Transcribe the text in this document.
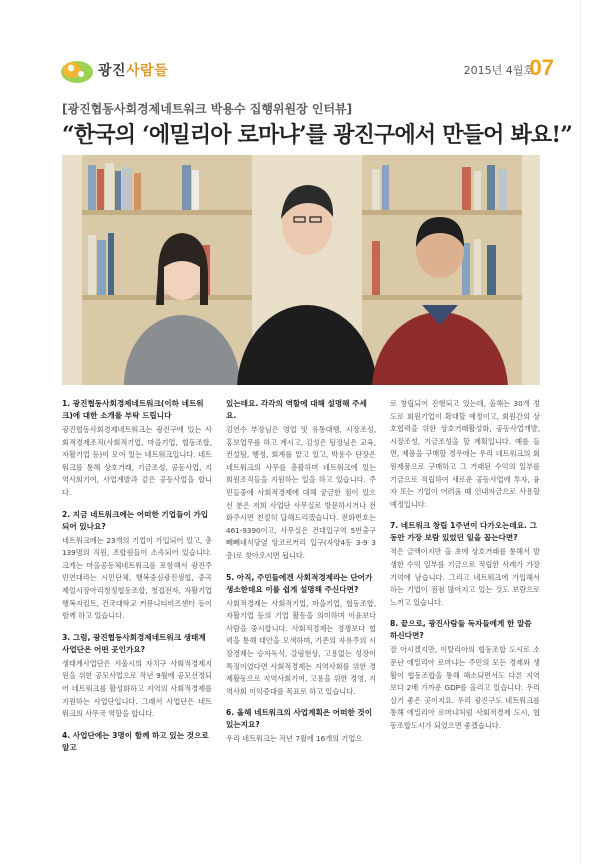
광진사람들	2015년 4월호
07
[광진협동사회경제네트워크 박용수 집행위원장 인터뷰]
“한국의 ‘에밀리아 로마냐’를 광진구에서 만들어 봐요!”
1. 광진협동사회경제네트워크(이하 네트워크)에 대한 소개를 부탁 드립니다

광진협동사회경제네트워크는 광진구에 있는 사회적경제조직(사회적기업, 마을기업, 협동조합, 자활기업 등)이 모여 있는 네트워크입니다. 네트워크를 통해 상호거래, 기금조성, 공동사업, 지역사회기여, 사업계발과 같은 공동사업을 합니다.

2. 지금 네트워크에는 어떠한 기업들이 가입되어 있나요?

네트워크에는 23개의 기업이 가입되어 있고, 총 139명의 직원, 조합원들이 소속되어 있습니다. 크게는 마을공동체네트워크를 포함해서 광진주민연대라는 시민단체, 행복중심광진생협, 중곡제일시장아리청정협동조합, 청접전자, 자활기업 행복지킴트, 건국대학교 커뮤니티비즈센터 등이 함께 하고 있습니다.

3. 그럼, 광진협동사회경제네트워크 생태계사업단은 어떤 곳인가요?

생태계사업단은 서울시의 자치구 사회적경제지원을 위한 공모사업으로 작년 9월에 공모선정되어 네트워크를 활성화하고 지역의 사회적경제를 지원하는 사업단입니다. 그래서 사업단은 네트워크의 사무국 역할을 합니다.

4. 사업단에는 3명이 함께 하고 있는 것으로 알고
있는데요. 각각의 역할에 대해 설명해 주세요.

김연수 부장님은 영업 및 유통대행, 시장조성, 홍보업무를 하고 계시고, 김성은 팀장님은 교육, 컨설팅, 행정, 회계를 맡고 있고, 박용수 단장은 네트워크의 사무를 총괄하며 네트워크에 있는 회원조직들을 지원하는 일을 하고 있습니다. 주민들중에 사회적경제에 대해 궁금한 점이 있으신 분은 저희 사업단 사무실로 방문하시거나 전화주시면 친절히 답해드리겠습니다. 전화번호는 461-9390이고, 사무실은 건대입구역 5번출구 뻬뻬네식당옆 앙코르커리 입구(자양4동 3-9 3층)로 찾아오시면 됩니다.

5. 아직, 주민들에겐 사회적경제라는 단어가 생소한데요 이를 쉽게 설명해 주신다면?

사회적경제는 사회적기업, 마을기업, 협동조합, 자활기업 등의 기업 활동을 의미하며 이윤보다 사람을 중시합니다. 사회적경제는 경쟁보다 협력을 통해 대안을 모색하며, 기존의 자유주의 시장경제는 승자독식, 갈림현상, 고용없는 성장이 특징이었다면 사회적경제는 지역사회를 위한 경제활동으로 지역사회기여, 고용을 위한 경영, 지역사회 이익증대를 목표로 하고 있습니다.

6. 올해 네트워크의 사업계획은 어떠한 것이 있는지요?

우리 네트워크는 작년 7월에 16개의 기업으

로 창립되어 진행되고 있는데, 올해는 30개 정도로 회원기업이 확대할 예정이고, 회원간의 상호협력을 위한 상호거래활성화, 공동사업개발, 시장조성, 기금조성을 할 계획입니다. 예를 들면, 제품을 구매할 경우에는 우리 네트워크의 회원제품으로 구매하고 그 거래된 수익의 일부를 기금으로 적립하여 새로운 공동사업에 투자, 융자 또는 기업이 어려움 때 인내자금으로 사용할 예정입니다.

7. 네트워크 창립 1주년이 다가오는데요. 그동안 가장 보람 있었던 일을 꼽는다면?

적은 금액이지만 올 초에 상호거래를 통해서 발생한 수익 일부를 기금으로 적립한 사례가 가장 기억에 남습니다. 그리고 네트워크에 가입해서 하는 기업이 점점 많아지고 있는 것도 보람으로 느끼고 있습니다.

8. 끝으로, 광진사람들 독자들에게 한 말씀 하신다면?

잘 아시겠지만, 이탈리아의 협동조합 도시로 소문난 에밀리아 로마냐는 주민의 모든 경제와 생활이 협동조합을 통해 해소되면서도 다른 지역보다 2배 가까운 GDP를 올리고 있습니다. 우리 살기 좋은 곳이지요. 우리 광진구도 네트워크를 통해 에밀리아 로마냐처럼 사회적경제 도시, 협동조합도시가 되었으면 좋겠습니다.
